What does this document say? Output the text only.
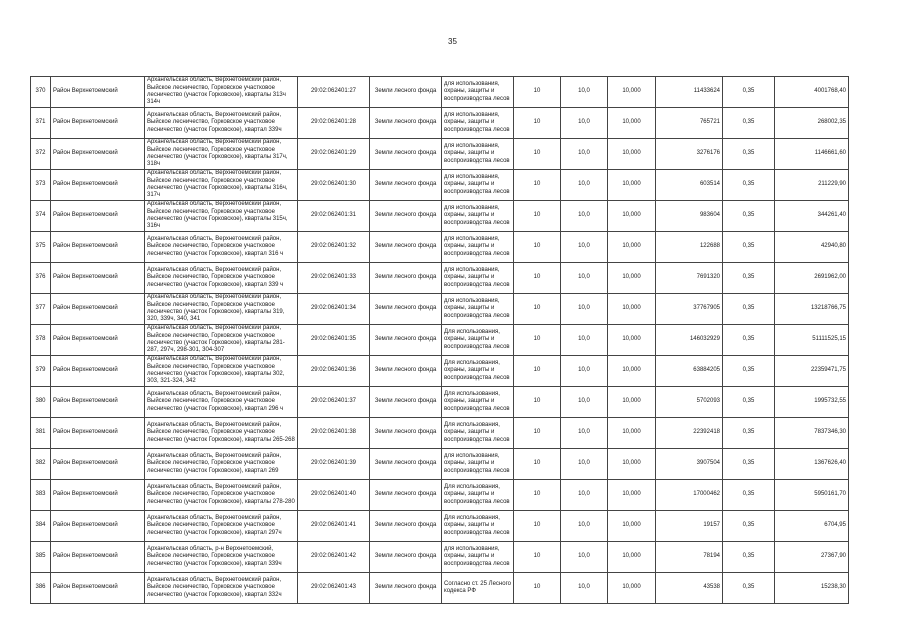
35
370	Район Верхнетоемский	Архангельская область, Верхнетоемский район, Выйское лесничество, Горковское участковое лесничество (участок Горковское), кварталы 313ч 314ч	29:02:062401:27	Земли лесного фонда	для использования, охраны, защиты и воспроизводства лесов	10	10,0	10,000	11433624	0,35	4001768,40
371	Район Верхнетоемский	Архангельская область, Верхнетоемский район, Выйское лесничество, Горковское участковое лесничество (участок Горковское), квартал 339ч	29:02:062401:28	Земли лесного фонда	для использования, охраны, защиты и воспроизводства лесов	10	10,0	10,000	765721	0,35	268002,35
372	Район Верхнетоемский	Архангельская область, Верхнетоемский район, Выйское лесничество, Горковское участковое лесничество (участок Горковское), кварталы 317ч, 318ч	29:02:062401:29	Земли лесного фонда	для использования, охраны, защиты и воспроизводства лесов	10	10,0	10,000	3276176	0,35	1146661,60
373	Район Верхнетоемский	Архангельская область, Верхнетоемский район, Выйское лесничество, Горковское участковое лесничество (участок Горковское), кварталы 316ч, 317ч	29:02:062401:30	Земли лесного фонда	для использования, охраны, защиты и воспроизводства лесов	10	10,0	10,000	603514	0,35	211229,90
374	Район Верхнетоемский	Архангельская область, Верхнетоемский район, Выйское лесничество, Горковское участковое лесничество (участок Горковское), кварталы 315ч, 316ч	29:02:062401:31	Земли лесного фонда	для использования, охраны, защиты и воспроизводства лесов	10	10,0	10,000	983604	0,35	344261,40
375	Район Верхнетоемский	Архангельская область, Верхнетоемский район, Выйское лесничество, Горковское участковое лесничество (участок Горковское), квартал 316 ч	29:02:062401:32	Земли лесного фонда	для использования, охраны, защиты и воспроизводства лесов	10	10,0	10,000	122688	0,35	42940,80
376	Район Верхнетоемский	Архангельская область, Верхнетоемский район, Выйское лесничество, Горковское участковое лесничество (участок Горковское), квартал 339 ч	29:02:062401:33	Земли лесного фонда	для использования, охраны, защиты и воспроизводства лесов	10	10,0	10,000	7691320	0,35	2691962,00
377	Район Верхнетоемский	Архангельская область, Верхнетоемский район, Выйское лесничество, Горковское участковое лесничество (участок Горковское), кварталы 319, 320, 339ч, 340, 341	29:02:062401:34	Земли лесного фонда	для использования, охраны, защиты и воспроизводства лесов	10	10,0	10,000	37767905	0,35	13218766,75
378	Район Верхнетоемский	Архангельская область, Верхнетоемский район, Выйское лесничество, Горковское участковое лесничество (участок Горковское), кварталы 281-287, 297ч, 298-301, 304-307	29:02:062401:35	Земли лесного фонда	Для использования, охраны, защиты и воспроизводства лесов	10	10,0	10,000	146032929	0,35	51111525,15
379	Район Верхнетоемский	Архангельская область, Верхнетоемский район, Выйское лесничество, Горковское участковое лесничество (участок Горковское), кварталы 302, 303, 321-324, 342	29:02:062401:36	Земли лесного фонда	Для использования, охраны, защиты и воспроизводства лесов	10	10,0	10,000	63884205	0,35	22359471,75
380	Район Верхнетоемский	Архангельская область, Верхнетоемский район, Выйское лесничество, Горковское участковое лесничество (участок Горковское), квартал 296 ч	29:02:062401:37	Земли лесного фонда	Для использования, охраны, защиты и воспроизводства лесов	10	10,0	10,000	5702093	0,35	1995732,55
381	Район Верхнетоемский	Архангельская область, Верхнетоемский район, Выйское лесничество, Горковское участковое лесничество (участок Горковское), кварталы 265-268	29:02:062401:38	Земли лесного фонда	Для использования, охраны, защиты и воспроизводства лесов	10	10,0	10,000	22392418	0,35	7837346,30
382	Район Верхнетоемский	Архангельская область, Верхнетоемский район, Выйское лесничество, Горковское участковое лесничество (участок Горковское), квартал 269	29:02:062401:39	Земли лесного фонда	для использования, охраны, защиты и воспроизводства лесов	10	10,0	10,000	3907504	0,35	1367626,40
383	Район Верхнетоемский	Архангельская область, Верхнетоемский район, Выйское лесничество, Горковское участковое лесничество (участок Горковское), кварталы 278-280	29:02:062401:40	Земли лесного фонда	Для использования, охраны, защиты и воспроизводства лесов	10	10,0	10,000	17000462	0,35	5950161,70
384	Район Верхнетоемский	Архангельская область, Верхнетоемский район, Выйское лесничество, Горковское участковое лесничество (участок Горковское), квартал 297ч	29:02:062401:41	Земли лесного фонда	Для использования, охраны, защиты и воспроизводства лесов	10	10,0	10,000	19157	0,35	6704,95
385	Район Верхнетоемский	Архангельская область, р-н Верхнетоемский, Выйское лесничество, Горковское участковое лесничество (участок Горковское), квартал 339ч	29:02:062401:42	Земли лесного фонда	для использования, охраны, защиты и воспроизводства лесов	10	10,0	10,000	78194	0,35	27367,90
386	Район Верхнетоемский	Архангельская область, Верхнетоемский район, Выйское лесничество, Горковское участковое лесничество (участок Горковское), квартал 332ч	29:02:062401:43	Земли лесного фонда	Согласно ст. 25 Лесного кодекса РФ	10	10,0	10,000	43538	0,35	15238,30
